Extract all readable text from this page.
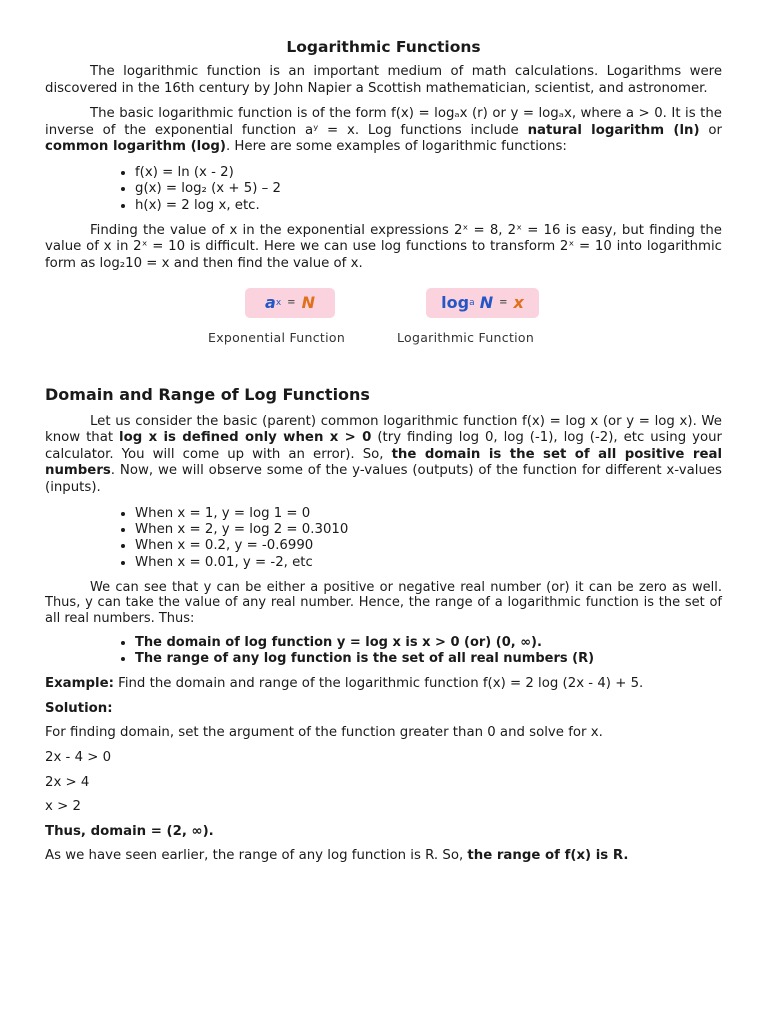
Logarithmic Functions

The logarithmic function is an important medium of math calculations. Logarithms were discovered in the 16th century by John Napier a Scottish mathematician, scientist, and astronomer.

The basic logarithmic function is of the form f(x) = logₐx (r) or y = logₐx, where a > 0. It is the inverse of the exponential function aʸ = x. Log functions include natural logarithm (ln) or common logarithm (log). Here are some examples of logarithmic functions:

• f(x) = ln (x - 2)
• g(x) = log₂ (x + 5) – 2
• h(x) = 2 log x, etc.

Finding the value of x in the exponential expressions 2ˣ = 8, 2ˣ = 16 is easy, but finding the value of x in 2ˣ = 10 is difficult. Here we can use log functions to transform 2ˣ = 10 into logarithmic form as log₂10 = x and then find the value of x.

a x = N	log a
N = x
Exponential Function	Logarithmic Function
Domain and Range of Log Functions

Let us consider the basic (parent) common logarithmic function f(x) = log x (or y = log x). We know that log x is defined only when x > 0 (try finding log 0, log (-1), log (-2), etc using your calculator. You will come up with an error). So, the domain is the set of all positive real numbers. Now, we will observe some of the y-values (outputs) of the function for different x-values (inputs).

• When x = 1, y = log 1 = 0
• When x = 2, y = log 2 = 0.3010
• When x = 0.2, y = -0.6990
• When x = 0.01, y = -2, etc

We can see that y can be either a positive or negative real number (or) it can be zero as well. Thus, y can take the value of any real number. Hence, the range of a logarithmic function is the set of all real numbers. Thus:

• The domain of log function y = log x is x > 0 (or) (0, ∞).
• The range of any log function is the set of all real numbers (R)

Example: Find the domain and range of the logarithmic function f(x) = 2 log (2x - 4) + 5.

Solution:

For finding domain, set the argument of the function greater than 0 and solve for x.

2x - 4 > 0

2x > 4

x > 2

Thus, domain = (2, ∞).

As we have seen earlier, the range of any log function is R. So, the range of f(x) is R.
